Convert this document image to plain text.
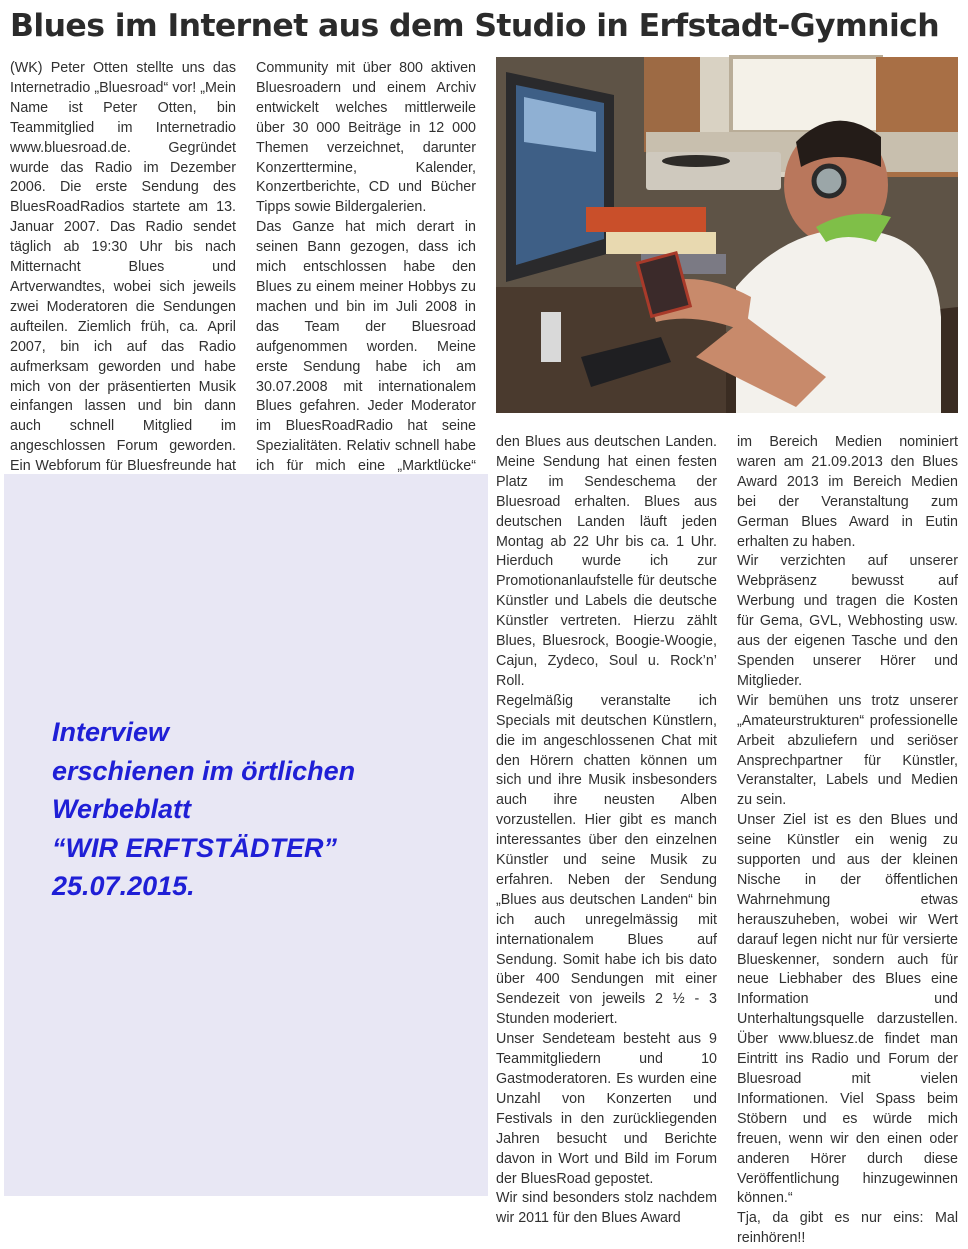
Blues im Internet aus dem Studio in Erfstadt-Gymnich

(WK) Peter Otten stellte uns das Internetradio „Bluesroad“ vor! „Mein Name ist Peter Otten, bin Teammitglied im Internetradio www.bluesroad.de. Gegründet wurde das Radio im Dezember 2006. Die erste Sendung des BluesRoadRadios startete am 13. Januar 2007. Das Radio sendet täglich ab 19:30 Uhr bis nach Mitternacht Blues und Artverwandtes, wobei sich jeweils zwei Moderatoren die Sendungen aufteilen. Ziemlich früh, ca. April 2007, bin ich auf das Radio aufmerksam geworden und habe mich von der präsentierten Musik einfangen lassen und bin dann auch schnell Mitglied im angeschlossen Forum geworden. Ein Webforum für Bluesfreunde hat

Community mit über 800 aktiven Bluesroadern und einem Archiv entwickelt welches mittlerweile über 30 000 Beiträge in 12 000 Themen verzeichnet, darunter Konzerttermine, Kalender, Konzertberichte, CD und Bücher Tipps sowie Bildergalerien.

Das Ganze hat mich derart in seinen Bann gezogen, dass ich mich entschlossen habe den Blues zu einem meiner Hobbys zu machen und bin im Juli 2008 in das Team der Bluesroad aufgenommen worden. Meine erste Sendung habe ich am 30.07.2008 mit internationalem Blues gefahren. Jeder Moderator im BluesRoadRadio hat seine Spezialitäten. Relativ schnell habe ich für mich eine „Marktlücke“

den Blues aus deutschen Landen. Meine Sendung hat einen festen Platz im Sendeschema der Bluesroad erhalten. Blues aus deutschen Landen läuft jeden Montag ab 22 Uhr bis ca. 1 Uhr. Hierduch wurde ich zur Promotionanlaufstelle für deutsche Künstler und Labels die deutsche Künstler vertreten. Hierzu zählt Blues, Bluesrock, Boogie-Woogie, Cajun, Zydeco, Soul u. Rock’n’ Roll.

Regelmäßig veranstalte ich Specials mit deutschen Künstlern, die im angeschlossenen Chat mit den Hörern chatten können um sich und ihre Musik insbesonders auch ihre neusten Alben vorzustellen. Hier gibt es manch interessantes über den einzelnen Künstler und seine Musik zu erfahren. Neben der Sendung „Blues aus deutschen Landen“ bin ich auch unregelmässig mit internationalem Blues auf Sendung. Somit habe ich bis dato über 400 Sendungen mit einer Sendezeit von jeweils 2 ½ - 3 Stunden moderiert.

Unser Sendeteam besteht aus 9 Teammitgliedern und 10 Gastmoderatoren. Es wurden eine Unzahl von Konzerten und Festivals in den zurückliegenden Jahren besucht und Berichte davon in Wort und Bild im Forum der BluesRoad gepostet.

Wir sind besonders stolz nachdem wir 2011 für den Blues Award

im Bereich Medien nominiert waren am 21.09.2013 den Blues Award 2013 im Bereich Medien bei der Veranstaltung zum German Blues Award in Eutin erhalten zu haben.

Wir verzichten auf unserer Webpräsenz bewusst auf Werbung und tragen die Kosten für Gema, GVL, Webhosting usw. aus der eigenen Tasche und den Spenden unserer Hörer und Mitglieder.

Wir bemühen uns trotz unserer „Amateurstrukturen“ professionelle Arbeit abzuliefern und seriöser Ansprechpartner für Künstler, Veranstalter, Labels und Medien zu sein.

Unser Ziel ist es den Blues und seine Künstler ein wenig zu supporten und aus der kleinen Nische in der öffentlichen Wahrnehmung etwas herauszuheben, wobei wir Wert darauf legen nicht nur für versierte Blueskenner, sondern auch für neue Liebhaber des Blues eine Information und Unterhaltungsquelle darzustellen. Über www.bluesz.de findet man Eintritt ins Radio und Forum der Bluesroad mit vielen Informationen. Viel Spass beim Stöbern und es würde mich freuen, wenn wir den einen oder anderen Hörer durch diese Veröffentlichung hinzugewinnen können.“

Tja, da gibt es nur eins: Mal reinhören!!

Interview
erschienen im örtlichen
Werbeblatt
“WIR ERFTSTÄDTER”
25.07.2015.
